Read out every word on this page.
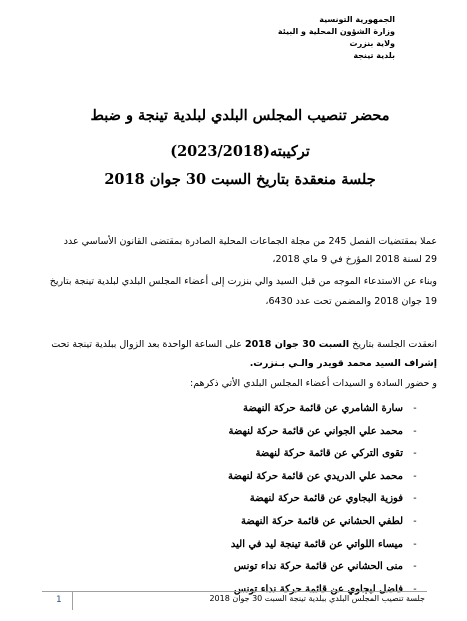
الجمهورية التونسية
وزارة الشؤون المحلية و البيئة
ولاية بنزرت
بلدية تينجة
محضر تنصيب المجلس البلدي لبلدية تينجة و ضبط
تركيبته(2023/2018)
جلسة منعقدة بتاريخ السبت 30 جوان 2018
عملا بمقتضيات الفصل 245 من مجلة الجماعات المحلية الصادرة بمقتضى القانون الأساسي عدد
29 لسنة 2018 المؤرخ في 9 ماي 2018،
وبناء عن الاستدعاء الموجه من قبل السيد والي بنزرت إلى أعضاء المجلس البلدي لبلدية تينجة بتاريخ
19 جوان 2018 والمضمن تحت عدد 6430،
انعقدت الجلسة بتاريخ السبت 30 جوان 2018 على الساعة الواحدة بعد الزوال ببلدية تينجة تحت
إشراف السيد محمد قويدر والـي بـنزرت.
و حضور السادة و السيدات أعضاء المجلس البلدي الأتي ذكرهم:
-سارة الشامري عن قائمة حركة النهضة
-محمد علي الجواني عن قائمة حركة لنهضة
-تقوى التركي عن قائمة حركة لنهضة
-محمد علي الدريدي عن قائمة حركة لنهضة
-فوزية البجاوي عن قائمة حركة لنهضة
-لطفي الحشاني عن قائمة حركة النهضة
-ميساء اللواتي عن قائمة تينجة ليد في اليد
-منى الحشاني عن قائمة حركة نداء تونس
-فاضل لبجاوي عن قائمة حركة نداء تونس
1	جلسة تنصيب المجلس البلدي ببلدية تينجة السبت 30 جوان 2018
